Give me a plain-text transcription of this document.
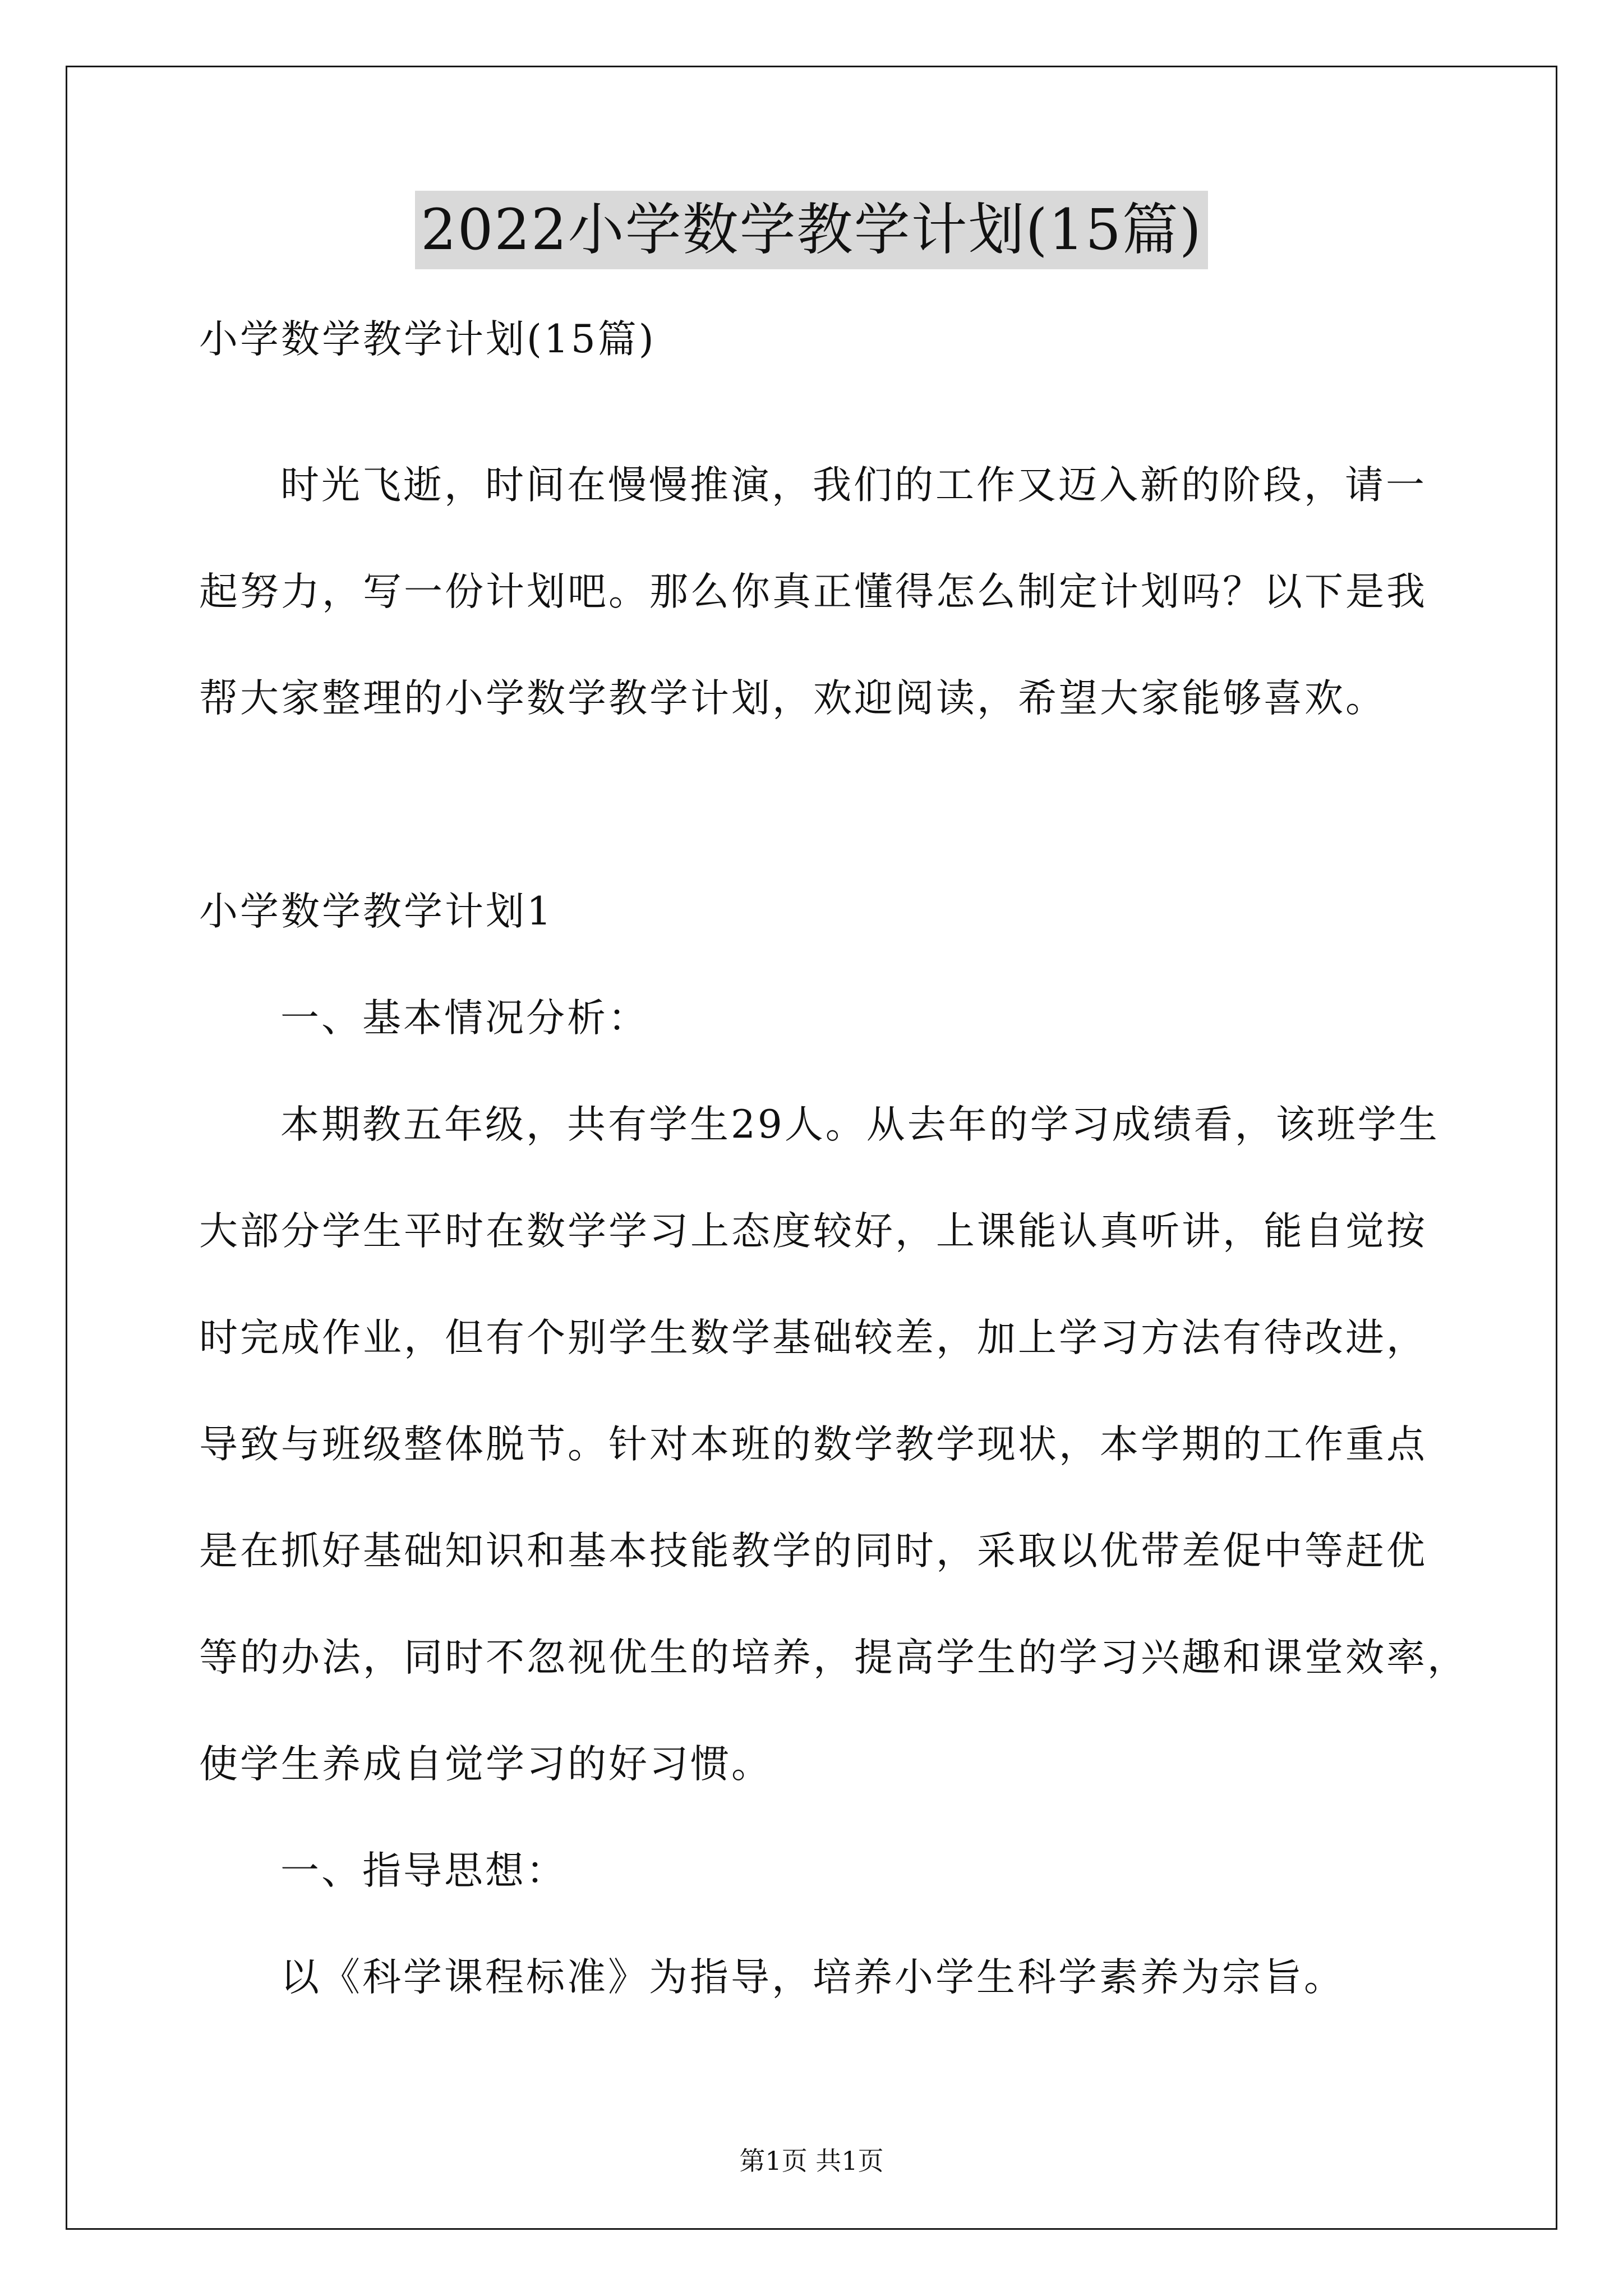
2022小学数学教学计划(15篇)
小学数学教学计划(15篇)
时光飞逝，时间在慢慢推演，我们的工作又迈入新的阶段，请一
起努力，写一份计划吧。那么你真正懂得怎么制定计划吗？以下是我
帮大家整理的小学数学教学计划，欢迎阅读，希望大家能够喜欢。
小学数学教学计划1
一、基本情况分析：
本期教五年级，共有学生29人。从去年的学习成绩看，该班学生
大部分学生平时在数学学习上态度较好，上课能认真听讲，能自觉按
时完成作业，但有个别学生数学基础较差，加上学习方法有待改进，
导致与班级整体脱节。针对本班的数学教学现状，本学期的工作重点
是在抓好基础知识和基本技能教学的同时，采取以优带差促中等赶优
等的办法，同时不忽视优生的培养，提高学生的学习兴趣和课堂效率，
使学生养成自觉学习的好习惯。
一、指导思想：
以《科学课程标准》为指导，培养小学生科学素养为宗旨。
第1页 共1页
